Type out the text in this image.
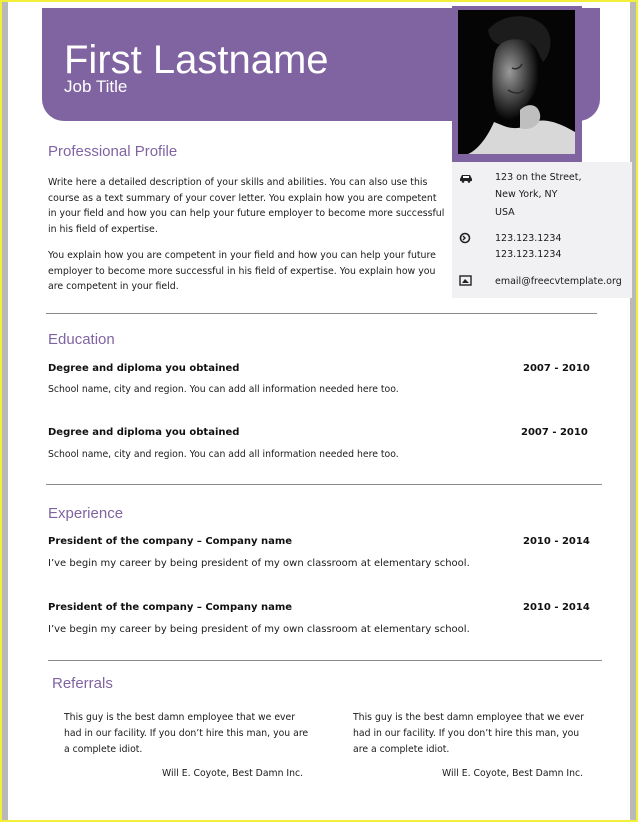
First Lastname
Job Title
123 on the Street,
New York, NY
USA
123.123.1234
123.123.1234
email@freecvtemplate.org
Professional Profile

Write here a detailed description of your skills and abilities. You can also use this course as a text summary of your cover letter. You explain how you are competent in your field and how you can help your future employer to become more successful in his field of expertise.

You explain how you are competent in your field and how you can help your future employer to become more successful in his field of expertise. You explain how you are competent in your field.

Education
Degree and diploma you obtained	2007 - 2010
School name, city and region. You can add all information needed here too.
Degree and diploma you obtained	2007 - 2010
School name, city and region. You can add all information needed here too.
Experience
President of the company – Company name	2010 - 2014
I’ve begin my career by being president of my own classroom at elementary school.
President of the company – Company name	2010 - 2014
I’ve begin my career by being president of my own classroom at elementary school.
Referrals

This guy is the best damn employee that we ever had in our facility. If you don’t hire this man, you are a complete idiot.

Will E. Coyote, Best Damn Inc.

This guy is the best damn employee that we ever had in our facility. If you don’t hire this man, you are a complete idiot.

Will E. Coyote, Best Damn Inc.
